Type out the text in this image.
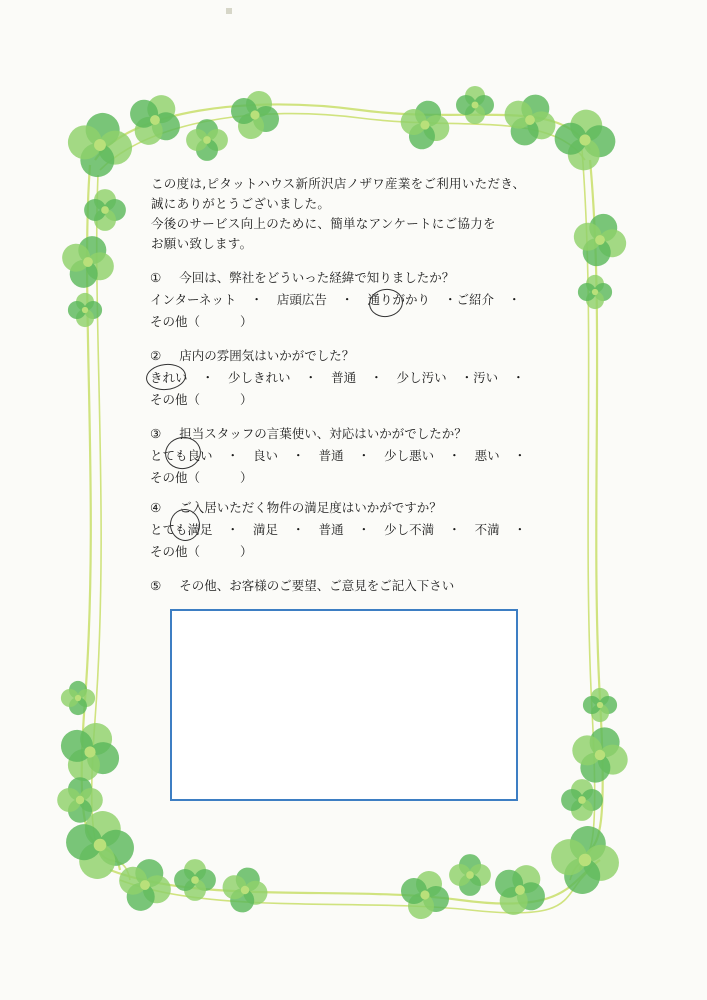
この度は,ピタットハウス新所沢店ノザワ産業をご利用いただき、
誠にありがとうございました。
今後のサービス向上のために、簡単なアンケートにご協力を
お願い致します。
① 今回は、弊社をどういった経緯で知りましたか？
インターネット ・ 店頭広告 ・ 通りがかり ・ご紹介 ・
その他（	）
② 店内の雰囲気はいかがでした？
きれい ・ 少しきれい ・ 普通 ・ 少し汚い ・汚い ・
その他（	）
③ 担当スタッフの言葉使い、対応はいかがでしたか？
とても良い ・ 良い ・ 普通 ・ 少し悪い ・ 悪い ・
その他（	）
④ ご入居いただく物件の満足度はいかがですか？
とても満足 ・ 満足 ・ 普通 ・ 少し不満 ・ 不満 ・
その他（	）
⑤ その他、お客様のご要望、ご意見をご記入下さい
